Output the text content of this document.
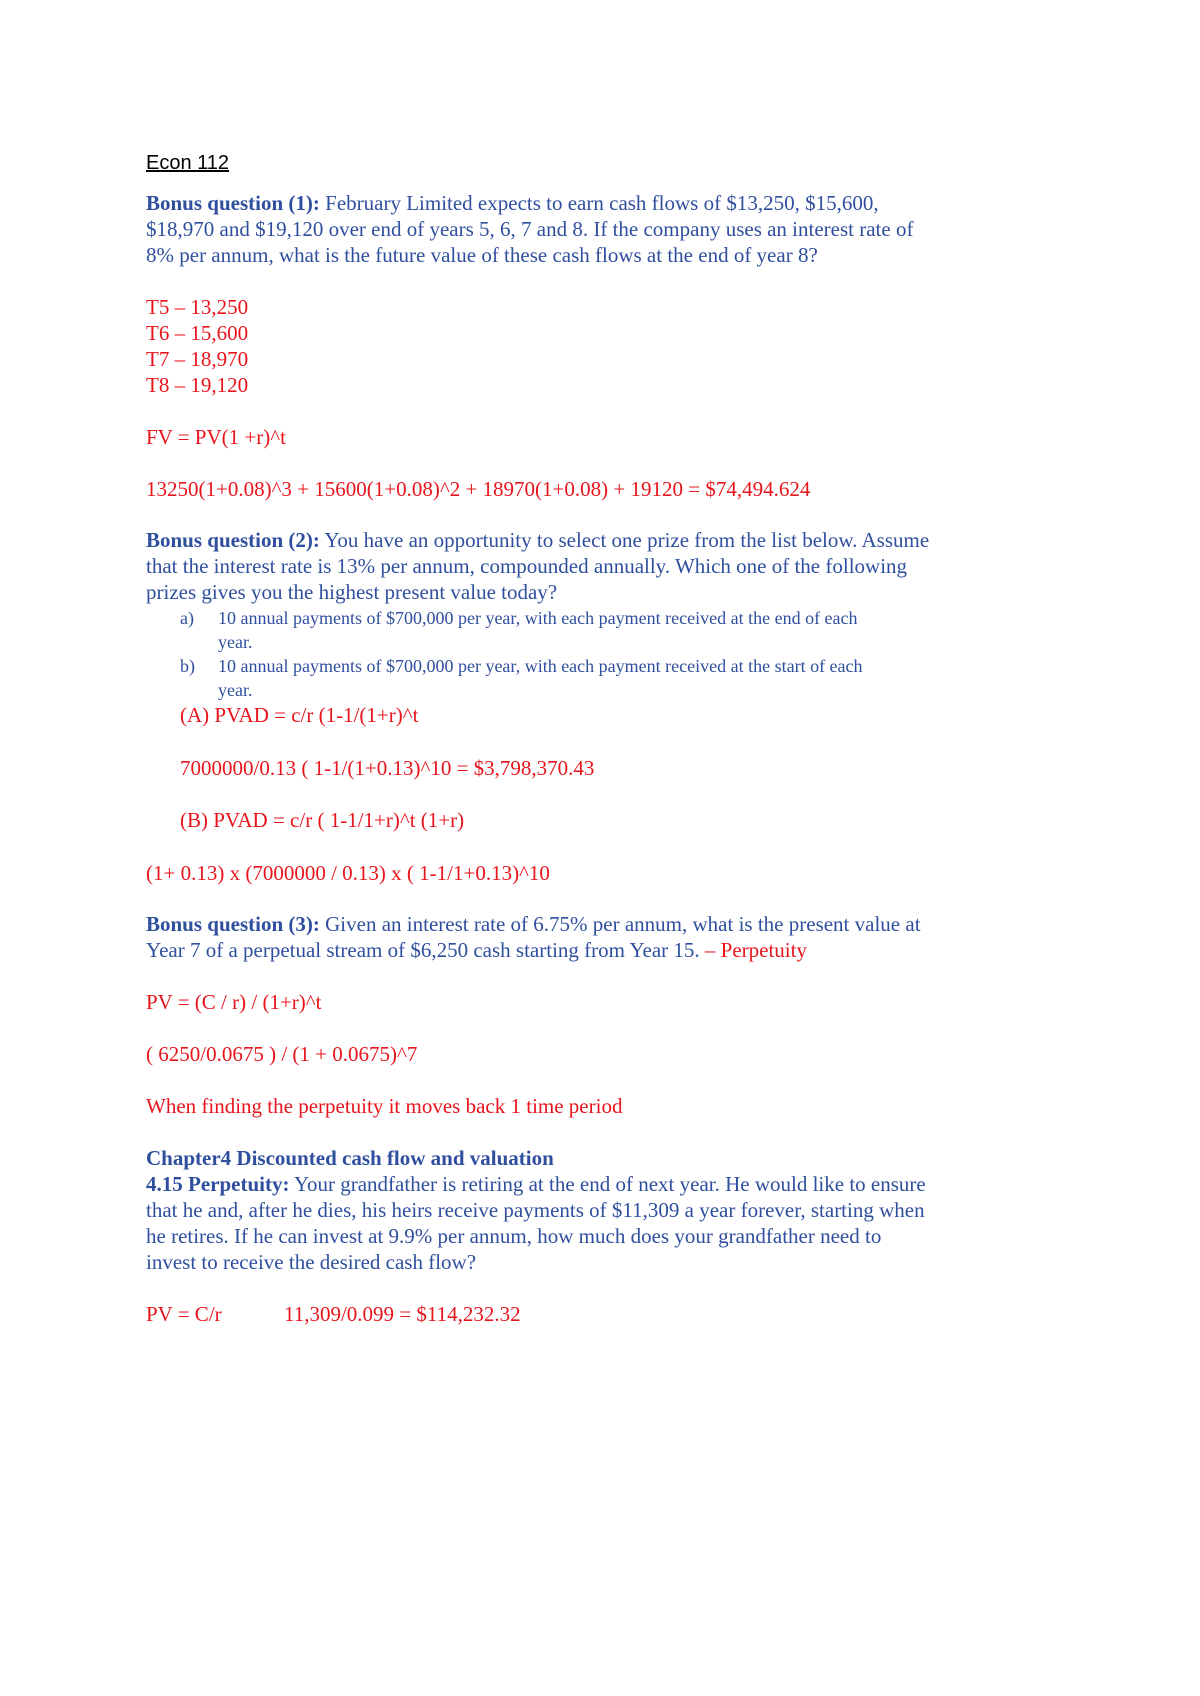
Econ 112
Bonus question (1): February Limited expects to earn cash flows of $13,250, $15,600,
$18,970 and $19,120 over end of years 5, 6, 7 and 8. If the company uses an interest rate of
8% per annum, what is the future value of these cash flows at the end of year 8?
T5 – 13,250
T6 – 15,600
T7 – 18,970
T8 – 19,120
FV = PV(1 +r)^t
13250(1+0.08)^3 + 15600(1+0.08)^2 + 18970(1+0.08) + 19120 = $74,494.624
Bonus question (2): You have an opportunity to select one prize from the list below. Assume
that the interest rate is 13% per annum, compounded annually. Which one of the following
prizes gives you the highest present value today?
a) 10 annual payments of $700,000 per year, with each payment received at the end of each
year.
b) 10 annual payments of $700,000 per year, with each payment received at the start of each
year.
(A) PVAD = c/r (1-1/(1+r)^t
7000000/0.13 ( 1-1/(1+0.13)^10 = $3,798,370.43
(B) PVAD = c/r ( 1-1/1+r)^t (1+r)
(1+ 0.13) x (7000000 / 0.13) x ( 1-1/1+0.13)^10
Bonus question (3): Given an interest rate of 6.75% per annum, what is the present value at
Year 7 of a perpetual stream of $6,250 cash starting from Year 15. – Perpetuity
PV = (C / r) / (1+r)^t
( 6250/0.0675 ) / (1 + 0.0675)^7
When finding the perpetuity it moves back 1 time period
Chapter4 Discounted cash flow and valuation
4.15 Perpetuity: Your grandfather is retiring at the end of next year. He would like to ensure
that he and, after he dies, his heirs receive payments of $11,309 a year forever, starting when
he retires. If he can invest at 9.9% per annum, how much does your grandfather need to
invest to receive the desired cash flow?
PV = C/r	11,309/0.099 = $114,232.32
